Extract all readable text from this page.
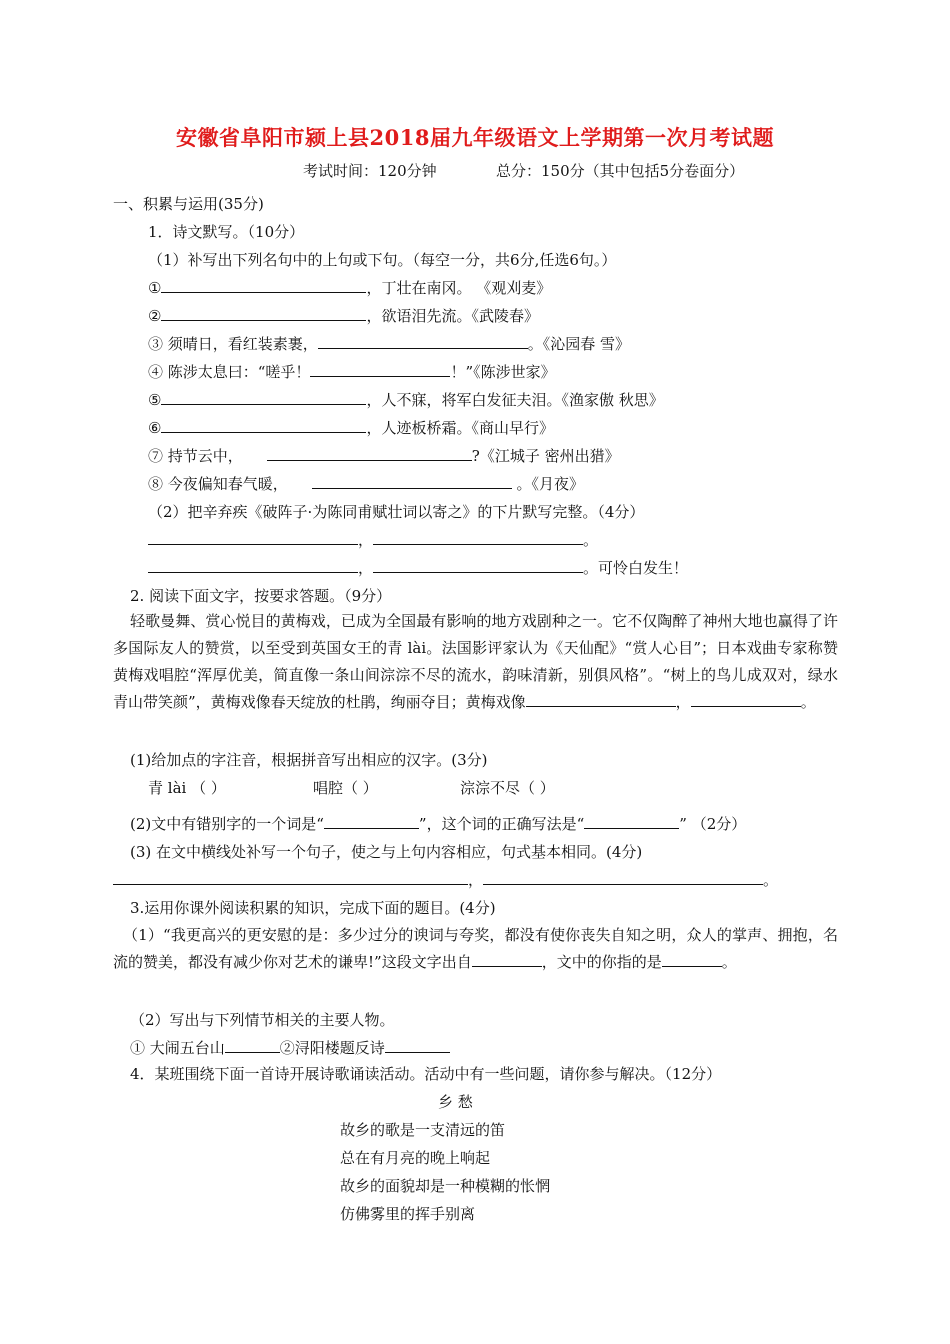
安徽省阜阳市颍上县2018届九年级语文上学期第一次月考试题
考试时间：120分钟	总分：150分（其中包括5分卷面分）
一、积累与运用(35分)
1．诗文默写。（10分）
（1）补写出下列名句中的上句或下句。（每空一分，共6分,任选6句。）
①	，丁壮在南冈。 《观刈麦》
②	，欲语泪先流。《武陵春》
③ 须晴日，看红装素裹，	。《沁园春 雪》
④ 陈涉太息曰：“嗟乎！	！”《陈涉世家》
⑤	，人不寐，将军白发征夫泪。《渔家傲 秋思》
⑥	，人迹板桥霜。《商山早行》
⑦ 持节云中，	?《江城子 密州出猎》
⑧ 今夜偏知春气暖，	。《月夜》
（2）把辛弃疾《破阵子·为陈同甫赋壮词以寄之》的下片默写完整。（4分）
，	。
，	。可怜白发生！
2. 阅读下面文字，按要求答题。（9分）
轻歌曼舞、赏心悦目的黄梅戏，已成为全国最有影响的地方戏剧种之一。它不仅陶醉了神州大地也赢得了许多国际友人的赞赏，以至受到英国女王的青 lài。法国影评家认为《天仙配》“赏人心目”；日本戏曲专家称赞黄梅戏唱腔“浑厚优美，简直像一条山间淙淙不尽的流水，韵味清新，别俱风格”。“树上的鸟儿成双对，绿水青山带笑颜”，黄梅戏像春天绽放的杜鹃，绚丽夺目；黄梅戏像	，	。
(1)给加点的字注音，根据拼音写出相应的汉字。(3分)
青 lài （ ）	唱腔（ ）	淙淙不尽（ ）
(2)文中有错别字的一个词是“	”，这个词的正确写法是“	” （2分）
(3) 在文中横线处补写一个句子，使之与上句内容相应，句式基本相同。(4分)
，	。
3.运用你课外阅读积累的知识，完成下面的题目。(4分)
（1）“我更高兴的更安慰的是：多少过分的谀词与夸奖，都没有使你丧失自知之明，众人的掌声、拥抱，名流的赞美，都没有减少你对艺术的谦卑!”这段文字出自	，文中的你指的是	。
（2）写出与下列情节相关的主要人物。
① 大闹五台山	②浔阳楼题反诗
4．某班围绕下面一首诗开展诗歌诵读活动。活动中有一些问题，请你参与解决。（12分）
乡 愁
故乡的歌是一支清远的笛
总在有月亮的晚上响起
故乡的面貌却是一种模糊的怅惘
仿佛雾里的挥手别离
